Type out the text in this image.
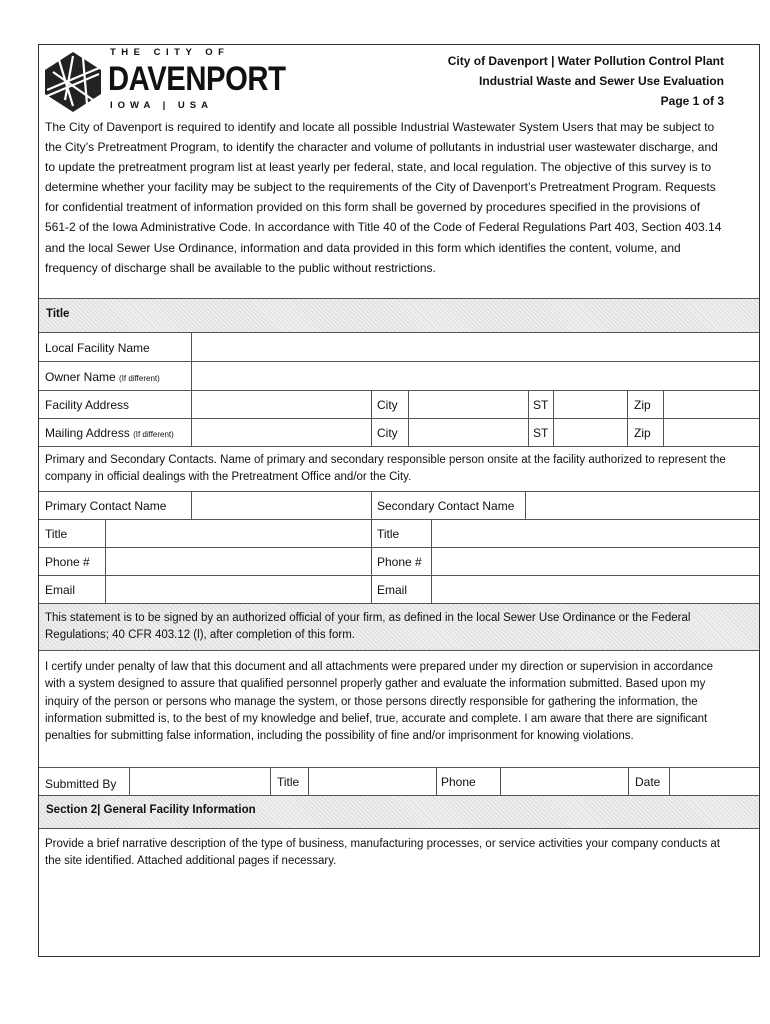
THE CITY OF
DAVENPORT
IOWA | USA
City of Davenport | Water Pollution Control Plant
Industrial Waste and Sewer Use Evaluation
Page 1 of 3
The City of Davenport is required to identify and locate all possible Industrial Wastewater System Users that may be subject to the City’s Pretreatment Program, to identify the character and volume of pollutants in industrial user wastewater discharge, and to update the pretreatment program list at least yearly per federal, state, and local regulation. The objective of this survey is to determine whether your facility may be subject to the requirements of the City of Davenport’s Pretreatment Program. Requests for confidential treatment of information provided on this form shall be governed by procedures specified in the provisions of 561-2 of the Iowa Administrative Code. In accordance with Title 40 of the Code of Federal Regulations Part 403, Section 403.14 and the local Sewer Use Ordinance, information and data provided in this form which identifies the content, volume, and frequency of discharge shall be available to the public without restrictions.
Title
Local Facility Name
Owner Name (If different)
Facility Address	City	ST	Zip
Mailing Address (If different)	City	ST	Zip
Primary and Secondary Contacts. Name of primary and secondary responsible person onsite at the facility authorized to represent the company in official dealings with the Pretreatment Office and/or the City.
Primary Contact Name	Secondary Contact Name
Title	Title
Phone #	Phone #
Email	Email
This statement is to be signed by an authorized official of your firm, as defined in the local Sewer Use Ordinance or the Federal Regulations; 40 CFR 403.12 (l), after completion of this form.
I certify under penalty of law that this document and all attachments were prepared under my direction or supervision in accordance with a system designed to assure that qualified personnel properly gather and evaluate the information submitted. Based upon my inquiry of the person or persons who manage the system, or those persons directly responsible for gathering the information, the information submitted is, to the best of my knowledge and belief, true, accurate and complete. I am aware that there are significant penalties for submitting false information, including the possibility of fine and/or imprisonment for knowing violations.
Submitted By	Title	Phone	Date
Section 2| General Facility Information
Provide a brief narrative description of the type of business, manufacturing processes, or service activities your company conducts at the site identified. Attached additional pages if necessary.
